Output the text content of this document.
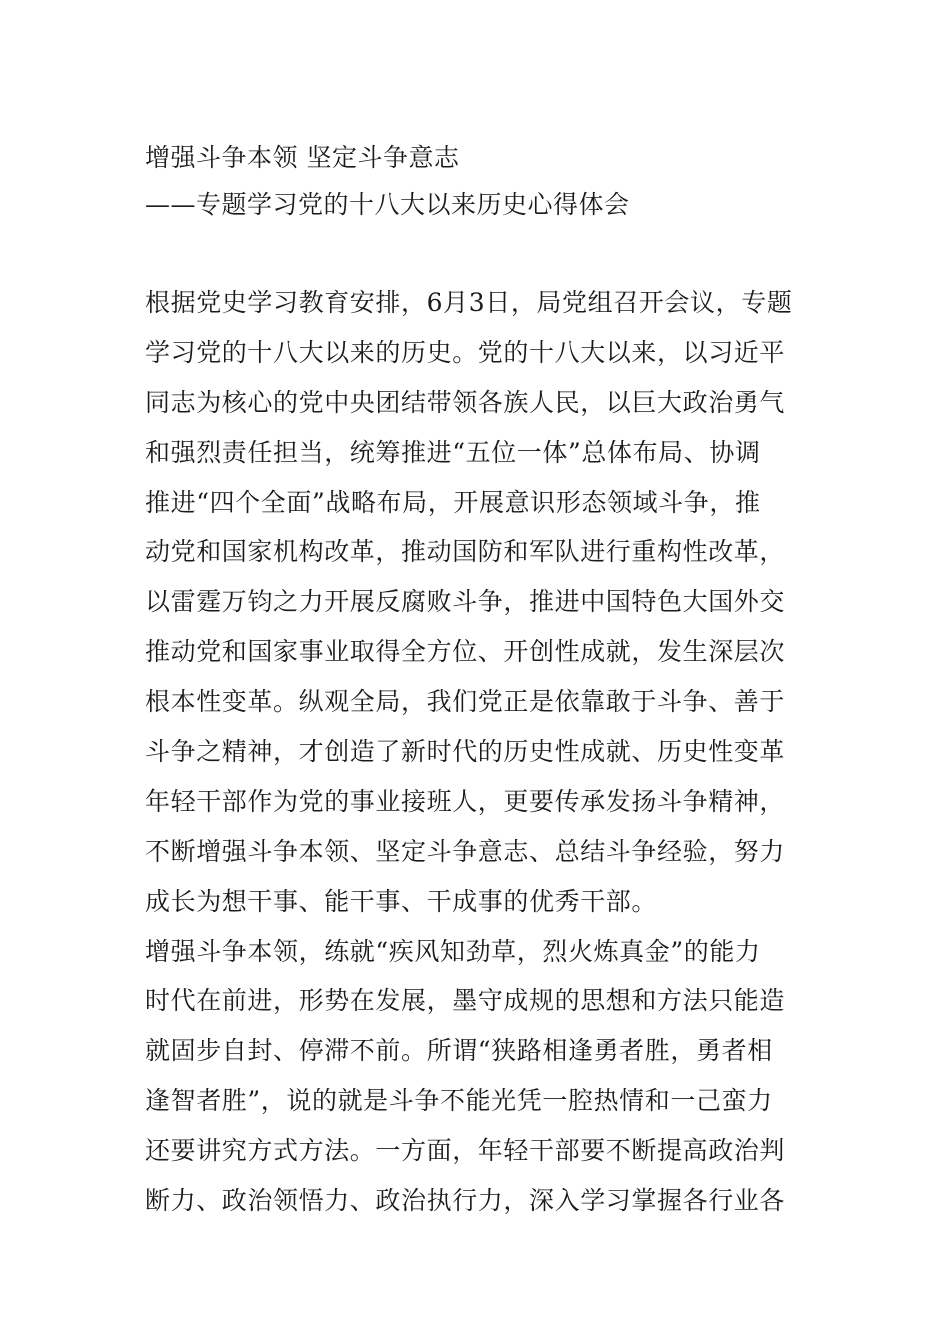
增强斗争本领 坚定斗争意志
——专题学习党的十八大以来历史心得体会
根据党史学习教育安排，6月3日，局党组召开会议，专题
学习党的十八大以来的历史。党的十八大以来，以习近平
同志为核心的党中央团结带领各族人民，以巨大政治勇气
和强烈责任担当，统筹推进“五位一体”总体布局、协调
推进“四个全面”战略布局，开展意识形态领域斗争，推
动党和国家机构改革，推动国防和军队进行重构性改革，
以雷霆万钧之力开展反腐败斗争，推进中国特色大国外交
推动党和国家事业取得全方位、开创性成就，发生深层次
根本性变革。纵观全局，我们党正是依靠敢于斗争、善于
斗争之精神，才创造了新时代的历史性成就、历史性变革
年轻干部作为党的事业接班人，更要传承发扬斗争精神，
不断增强斗争本领、坚定斗争意志、总结斗争经验，努力
成长为想干事、能干事、干成事的优秀干部。
增强斗争本领，练就“疾风知劲草，烈火炼真金”的能力
时代在前进，形势在发展，墨守成规的思想和方法只能造
就固步自封、停滞不前。所谓“狭路相逢勇者胜，勇者相
逢智者胜”，说的就是斗争不能光凭一腔热情和一己蛮力
还要讲究方式方法。一方面，年轻干部要不断提高政治判
断力、政治领悟力、政治执行力，深入学习掌握各行业各
